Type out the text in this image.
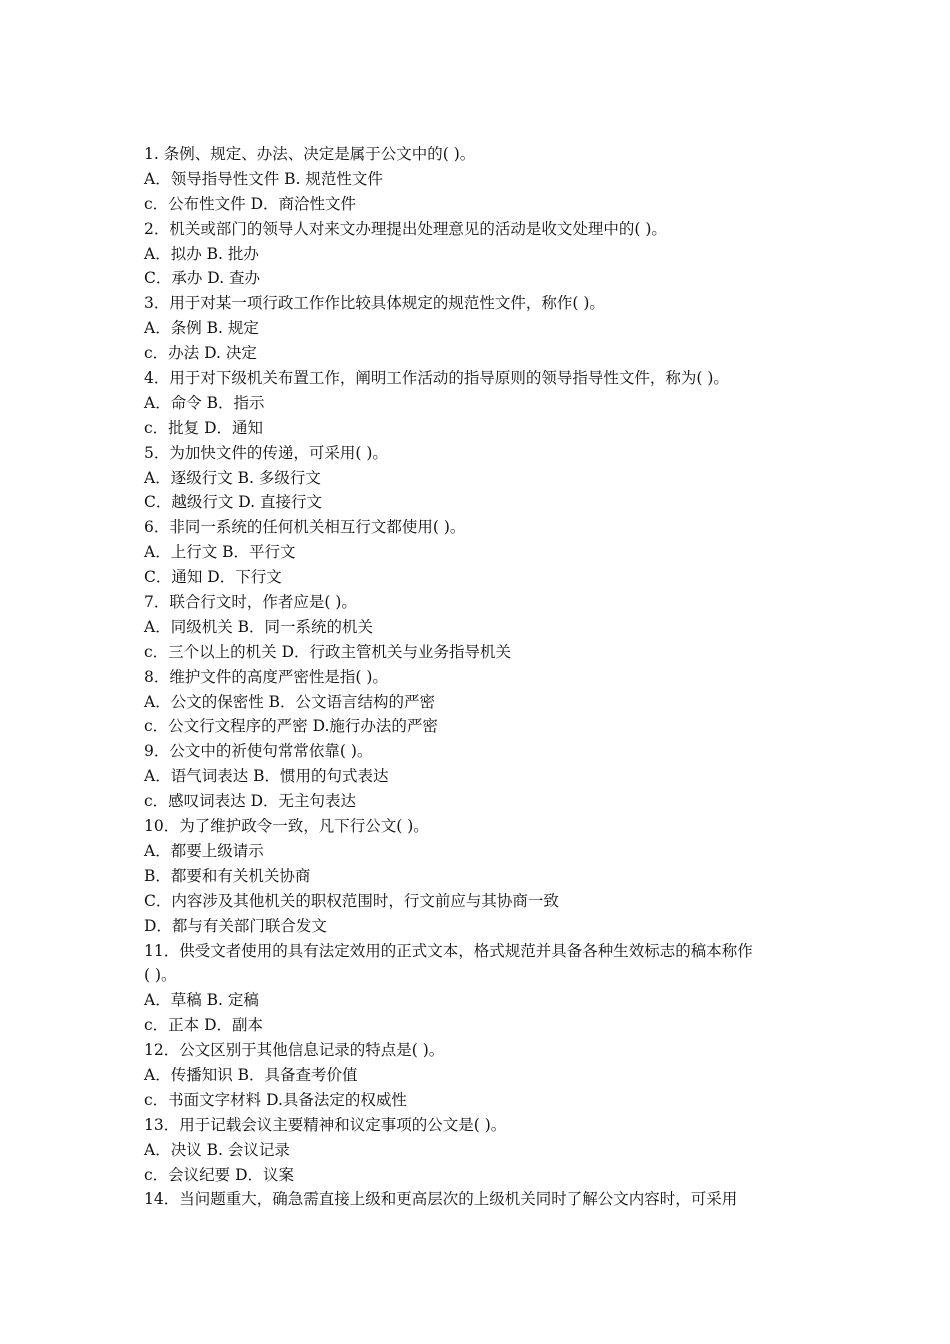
1. 条例、规定、办法、决定是属于公文中的( )。
A．领导指导性文件 B. 规范性文件
c．公布性文件 D．商洽性文件
2．机关或部门的领导人对来文办理提出处理意见的活动是收文处理中的( )。
A．拟办 B. 批办
C．承办 D. 查办
3．用于对某一项行政工作作比较具体规定的规范性文件，称作( )。
A．条例 B. 规定
c．办法 D. 决定
4．用于对下级机关布置工作，阐明工作活动的指导原则的领导指导性文件，称为( )。
A．命令 B．指示
c．批复 D．通知
5．为加快文件的传递，可采用( )。
A．逐级行文 B. 多级行文
C．越级行文 D. 直接行文
6．非同一系统的任何机关相互行文都使用( )。
A．上行文 B．平行文
C．通知 D．下行文
7．联合行文时，作者应是( )。
A．同级机关 B．同一系统的机关
c．三个以上的机关 D．行政主管机关与业务指导机关
8．维护文件的高度严密性是指( )。
A．公文的保密性 B．公文语言结构的严密
c．公文行文程序的严密 D.施行办法的严密
9．公文中的祈使句常常依靠( )。
A．语气词表达 B．惯用的句式表达
c．感叹词表达 D．无主句表达
10．为了维护政令一致，凡下行公文( )。
A．都要上级请示
B．都要和有关机关协商
C．内容涉及其他机关的职权范围时，行文前应与其协商一致
D．都与有关部门联合发文
11．供受文者使用的具有法定效用的正式文本，格式规范并具备各种生效标志的稿本称作
( )。
A．草稿 B. 定稿
c．正本 D．副本
12．公文区别于其他信息记录的特点是( )。
A．传播知识 B．具备查考价值
c．书面文字材料 D.具备法定的权威性
13．用于记载会议主要精神和议定事项的公文是( )。
A．决议 B. 会议记录
c．会议纪要 D．议案
14．当问题重大，确急需直接上级和更高层次的上级机关同时了解公文内容时，可采用
